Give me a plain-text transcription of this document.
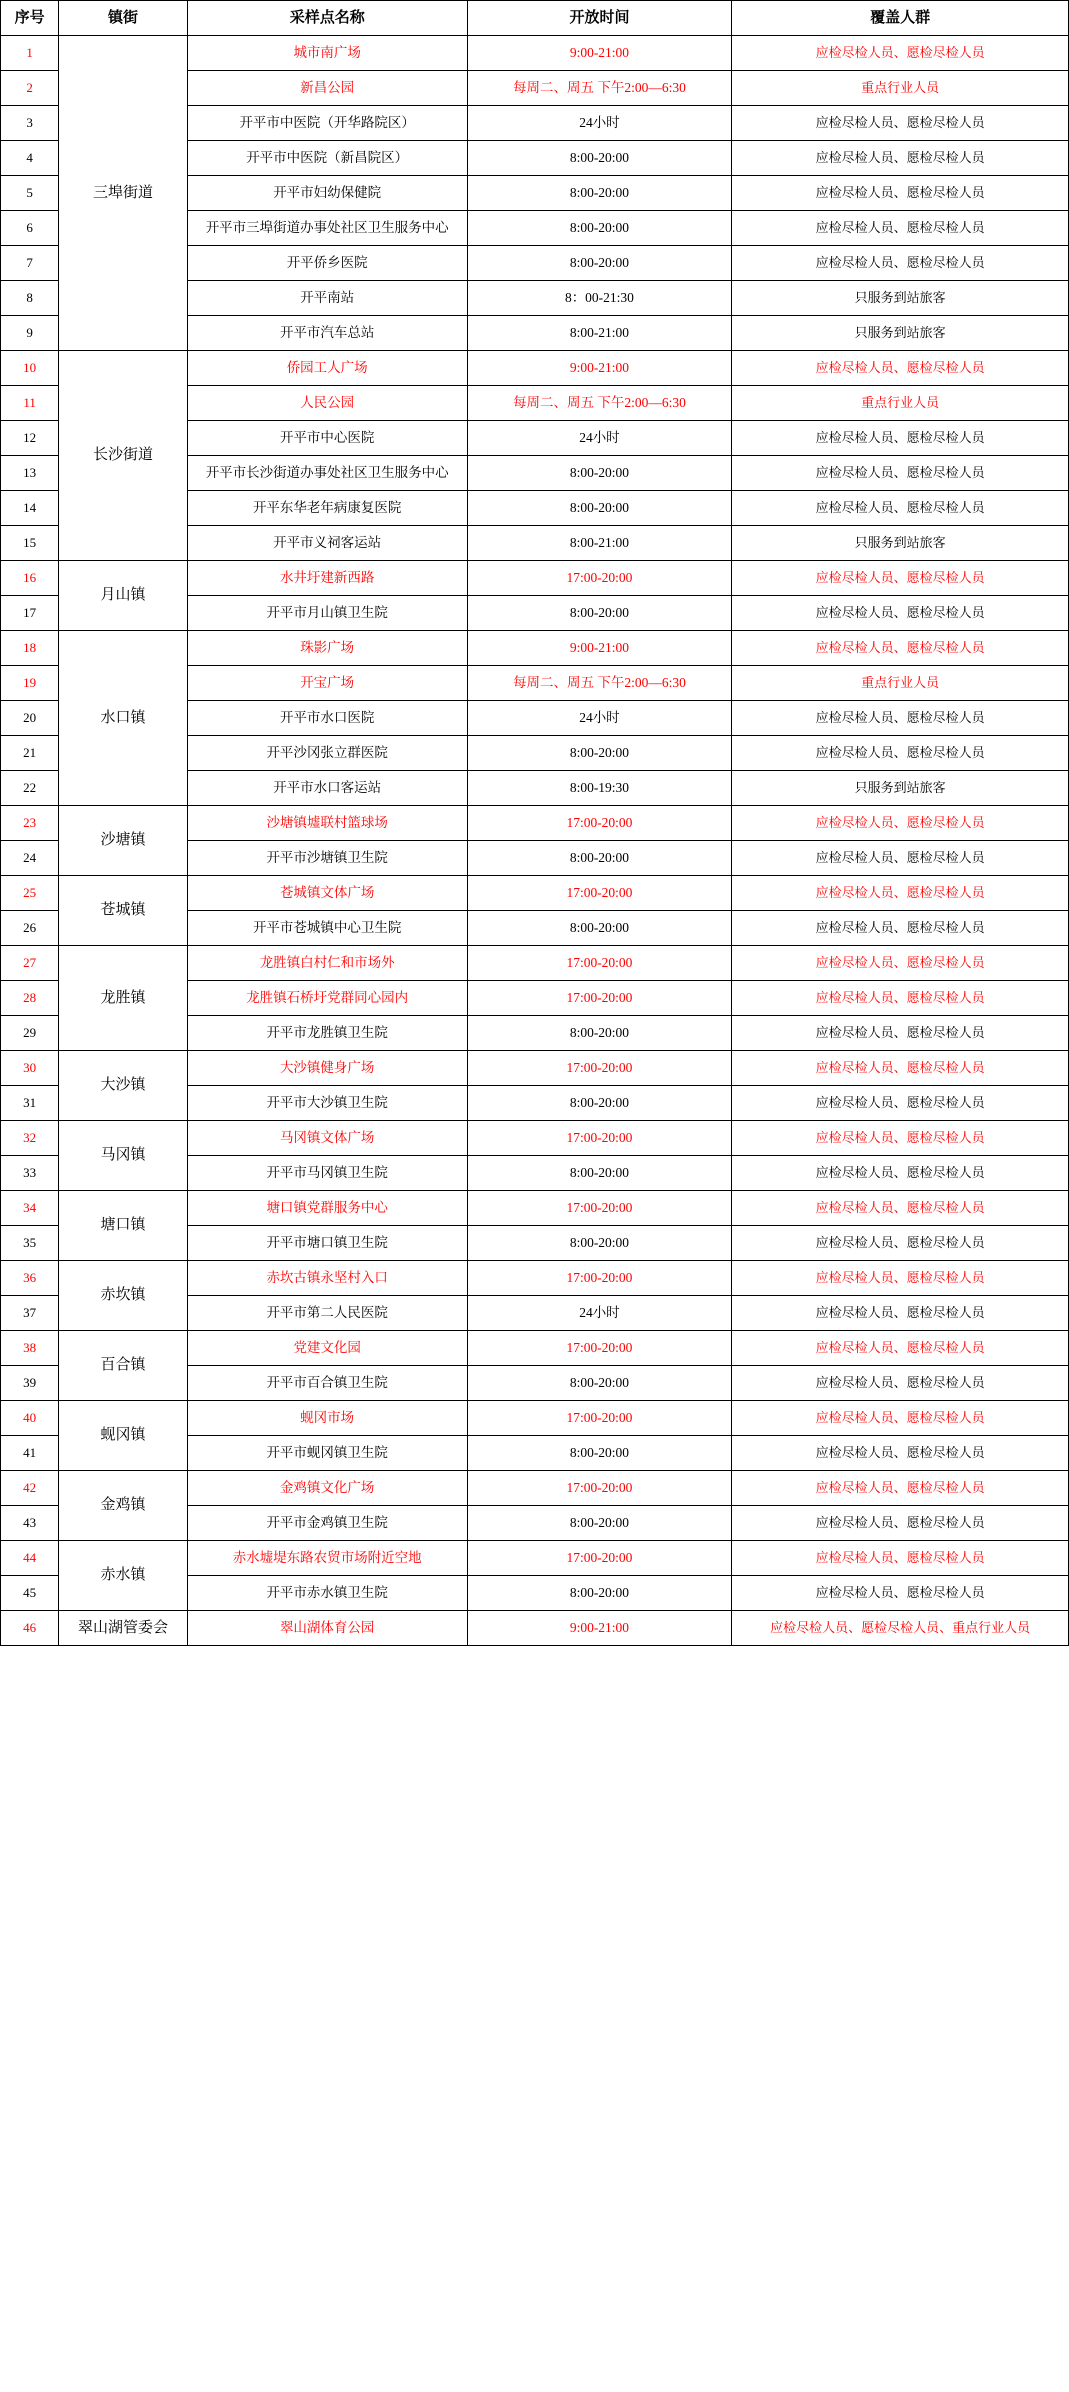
序号	镇街	采样点名称	开放时间	覆盖人群
1	三埠街道	城市南广场	9:00-21:00	应检尽检人员、愿检尽检人员
2		新昌公园	每周二、周五 下午2:00—6:30	重点行业人员
3		开平市中医院（开华路院区）	24小时	应检尽检人员、愿检尽检人员
4		开平市中医院（新昌院区）	8:00-20:00	应检尽检人员、愿检尽检人员
5		开平市妇幼保健院	8:00-20:00	应检尽检人员、愿检尽检人员
6		开平市三埠街道办事处社区卫生服务中心	8:00-20:00	应检尽检人员、愿检尽检人员
7		开平侨乡医院	8:00-20:00	应检尽检人员、愿检尽检人员
8		开平南站	8：00-21:30	只服务到站旅客
9		开平市汽车总站	8:00-21:00	只服务到站旅客
10	长沙街道	侨园工人广场	9:00-21:00	应检尽检人员、愿检尽检人员
11		人民公园	每周二、周五 下午2:00—6:30	重点行业人员
12		开平市中心医院	24小时	应检尽检人员、愿检尽检人员
13		开平市长沙街道办事处社区卫生服务中心	8:00-20:00	应检尽检人员、愿检尽检人员
14		开平东华老年病康复医院	8:00-20:00	应检尽检人员、愿检尽检人员
15		开平市义祠客运站	8:00-21:00	只服务到站旅客
16	月山镇	水井圩建新西路	17:00-20:00	应检尽检人员、愿检尽检人员
17		开平市月山镇卫生院	8:00-20:00	应检尽检人员、愿检尽检人员
18	水口镇	珠影广场	9:00-21:00	应检尽检人员、愿检尽检人员
19		开宝广场	每周二、周五 下午2:00—6:30	重点行业人员
20		开平市水口医院	24小时	应检尽检人员、愿检尽检人员
21		开平沙冈张立群医院	8:00-20:00	应检尽检人员、愿检尽检人员
22		开平市水口客运站	8:00-19:30	只服务到站旅客
23	沙塘镇	沙塘镇墟联村篮球场	17:00-20:00	应检尽检人员、愿检尽检人员
24		开平市沙塘镇卫生院	8:00-20:00	应检尽检人员、愿检尽检人员
25	苍城镇	苍城镇文体广场	17:00-20:00	应检尽检人员、愿检尽检人员
26		开平市苍城镇中心卫生院	8:00-20:00	应检尽检人员、愿检尽检人员
27	龙胜镇	龙胜镇白村仁和市场外	17:00-20:00	应检尽检人员、愿检尽检人员
28		龙胜镇石桥圩党群同心园内	17:00-20:00	应检尽检人员、愿检尽检人员
29		开平市龙胜镇卫生院	8:00-20:00	应检尽检人员、愿检尽检人员
30	大沙镇	大沙镇健身广场	17:00-20:00	应检尽检人员、愿检尽检人员
31		开平市大沙镇卫生院	8:00-20:00	应检尽检人员、愿检尽检人员
32	马冈镇	马冈镇文体广场	17:00-20:00	应检尽检人员、愿检尽检人员
33		开平市马冈镇卫生院	8:00-20:00	应检尽检人员、愿检尽检人员
34	塘口镇	塘口镇党群服务中心	17:00-20:00	应检尽检人员、愿检尽检人员
35		开平市塘口镇卫生院	8:00-20:00	应检尽检人员、愿检尽检人员
36	赤坎镇	赤坎古镇永坚村入口	17:00-20:00	应检尽检人员、愿检尽检人员
37		开平市第二人民医院	24小时	应检尽检人员、愿检尽检人员
38	百合镇	党建文化园	17:00-20:00	应检尽检人员、愿检尽检人员
39		开平市百合镇卫生院	8:00-20:00	应检尽检人员、愿检尽检人员
40	蚬冈镇	蚬冈市场	17:00-20:00	应检尽检人员、愿检尽检人员
41		开平市蚬冈镇卫生院	8:00-20:00	应检尽检人员、愿检尽检人员
42	金鸡镇	金鸡镇文化广场	17:00-20:00	应检尽检人员、愿检尽检人员
43		开平市金鸡镇卫生院	8:00-20:00	应检尽检人员、愿检尽检人员
44	赤水镇	赤水墟堤东路农贸市场附近空地	17:00-20:00	应检尽检人员、愿检尽检人员
45		开平市赤水镇卫生院	8:00-20:00	应检尽检人员、愿检尽检人员
46	翠山湖管委会	翠山湖体育公园	9:00-21:00	应检尽检人员、愿检尽检人员、重点行业人员
